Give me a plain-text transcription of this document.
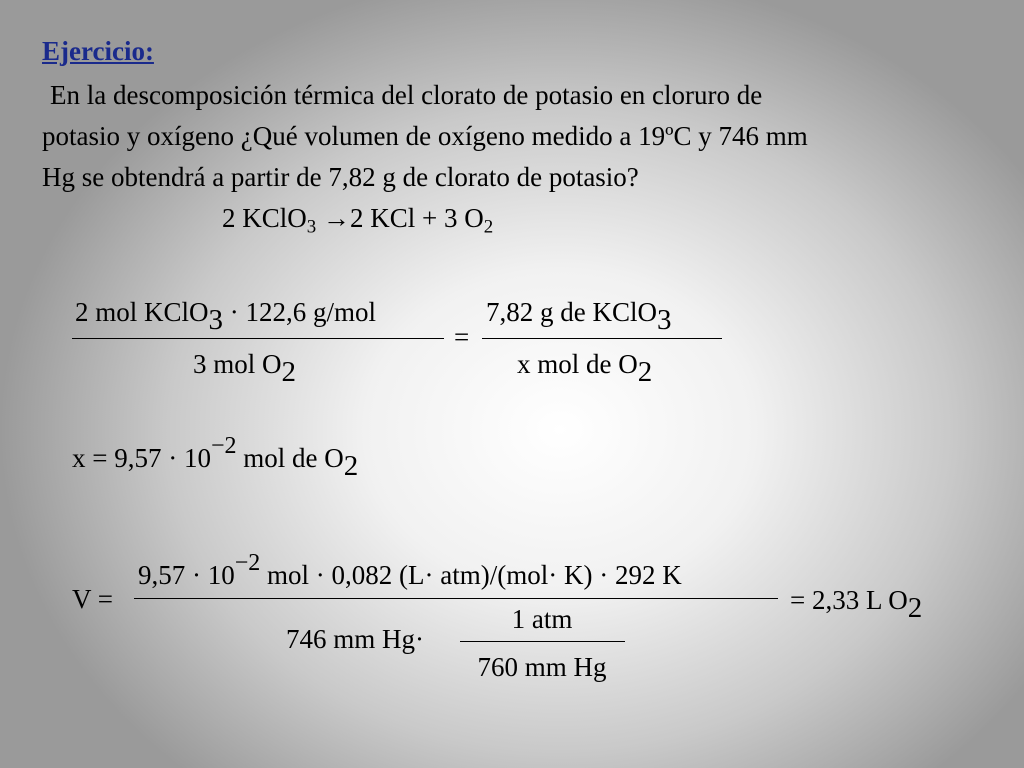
Ejercicio:
En la descomposición térmica del clorato de potasio en cloruro de
potasio y oxígeno ¿Qué volumen de oxígeno medido a 19ºC y 746 mm
Hg se obtendrá a partir de 7,82 g de clorato de potasio?
2 KClO$_3$ →2 KCl + 3 $O_2$
2 mol KClO3 · 122,6 g/mol
3 mol O2
=
7,82 g de KClO3
x mol de O2
x = 9,57 · 10−2 mol de O2
V =
9,57 · 10−2 mol · 0,082 (L· atm)/(mol· K) · 292 K
746 mm Hg·
1 atm
760 mm Hg
= 2,33 L O2
